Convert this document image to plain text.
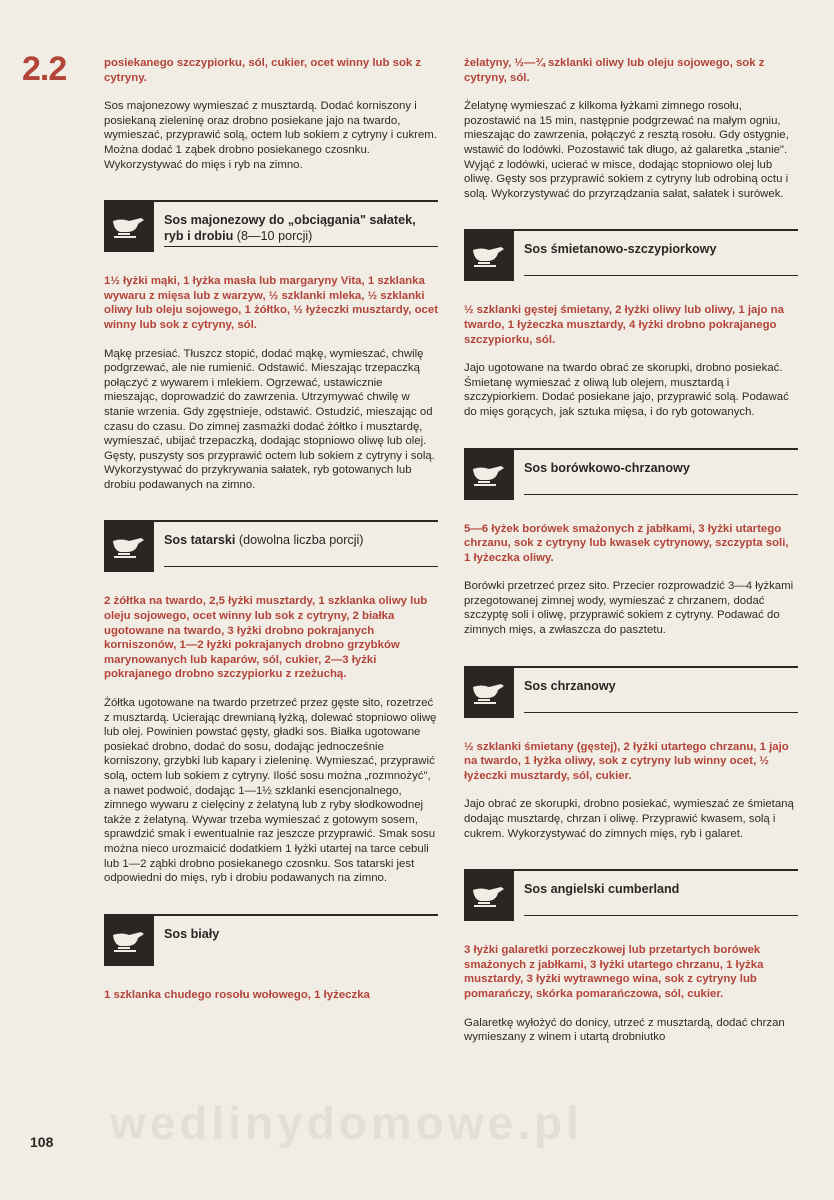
2.2
108 wedlinydomowe.pl

posiekanego szczypiorku, sól, cukier, ocet winny lub sok z cytryny.

Sos majonezowy wymieszać z musztardą. Dodać korniszony i posiekaną zieleninę oraz drobno posiekane jajo na twardo, wymieszać, przyprawić solą, octem lub sokiem z cytryny i cukrem. Można dodać 1 ząbek drobno posiekanego czosnku. Wykorzystywać do mięs i ryb na zimno.

Sos majonezowy do „obciągania" sałatek, ryb i drobiu (8—10 porcji)

1½ łyżki mąki, 1 łyżka masła lub margaryny Vita, 1 szklanka wywaru z mięsa lub z warzyw, ½ szklanki mleka, ½ szklanki oliwy lub oleju sojowego, 1 żółtko, ½ łyżeczki musztardy, ocet winny lub sok z cytryny, sól.

Mąkę przesiać. Tłuszcz stopić, dodać mąkę, wymieszać, chwilę podgrzewać, ale nie rumienić. Odstawić. Mieszając trzepaczką połączyć z wywarem i mlekiem. Ogrzewać, ustawicznie mieszając, doprowadzić do zawrzenia. Utrzymywać chwilę w stanie wrzenia. Gdy zgęstnieje, odstawić. Ostudzić, mieszając od czasu do czasu. Do zimnej zasmażki dodać żółtko i musztardę, wymieszać, ubijać trzepaczką, dodając stopniowo oliwę lub olej. Gęsty, puszysty sos przyprawić octem lub sokiem z cytryny i solą. Wykorzystywać do przykrywania sałatek, ryb gotowanych lub drobiu podawanych na zimno.

Sos tatarski (dowolna liczba porcji)

2 żółtka na twardo, 2,5 łyżki musztardy, 1 szklanka oliwy lub oleju sojowego, ocet winny lub sok z cytryny, 2 białka ugotowane na twardo, 3 łyżki drobno pokrajanych korniszonów, 1—2 łyżki pokrajanych drobno grzybków marynowanych lub kaparów, sól, cukier, 2—3 łyżki pokrajanego drobno szczypiorku z rzeżuchą.

Żółtka ugotowane na twardo przetrzeć przez gęste sito, rozetrzeć z musztardą. Ucierając drewnianą łyżką, dolewać stopniowo oliwę lub olej. Powinien powstać gęsty, gładki sos. Białka ugotowane posiekać drobno, dodać do sosu, dodając jednocześnie korniszony, grzybki lub kapary i zieleninę. Wymieszać, przyprawić solą, octem lub sokiem z cytryny. Ilość sosu można „rozmnożyć", a nawet podwoić, dodając 1—1½ szklanki esencjonalnego, zimnego wywaru z cielęciny z żelatyną lub z ryby słodkowodnej także z żelatyną. Wywar trzeba wymieszać z gotowym sosem, sprawdzić smak i ewentualnie raz jeszcze przyprawić. Smak sosu można nieco urozmaicić dodatkiem 1 łyżki utartej na tarce cebuli lub 1—2 ząbki drobno posiekanego czosnku. Sos tatarski jest odpowiedni do mięs, ryb i drobiu podawanych na zimno.

Sos biały

1 szklanka chudego rosołu wołowego, 1 łyżeczka

żelatyny, ½—¾ szklanki oliwy lub oleju sojowego, sok z cytryny, sól.

Żelatynę wymieszać z kilkoma łyżkami zimnego rosołu, pozostawić na 15 min, następnie podgrzewać na małym ogniu, mieszając do zawrzenia, połączyć z resztą rosołu. Gdy ostygnie, wstawić do lodówki. Pozostawić tak długo, aż galaretka „stanie". Wyjąć z lodówki, ucierać w misce, dodając stopniowo olej lub oliwę. Gęsty sos przyprawić sokiem z cytryny lub odrobiną octu i solą. Wykorzystywać do przyrządzania sałat, sałatek i surówek.

Sos śmietanowo-szczypiorkowy

½ szklanki gęstej śmietany, 2 łyżki oliwy lub oliwy, 1 jajo na twardo, 1 łyżeczka musztardy, 4 łyżki drobno pokrajanego szczypiorku, sól.

Jajo ugotowane na twardo obrać ze skorupki, drobno posiekać. Śmietanę wymieszać z oliwą lub olejem, musztardą i szczypiorkiem. Dodać posiekane jajo, przyprawić solą. Podawać do mięs gorących, jak sztuka mięsa, i do ryb gotowanych.

Sos borówkowo-chrzanowy

5—6 łyżek borówek smażonych z jabłkami, 3 łyżki utartego chrzanu, sok z cytryny lub kwasek cytrynowy, szczypta soli, 1 łyżeczka oliwy.

Borówki przetrzeć przez sito. Przecier rozprowadzić 3—4 łyżkami przegotowanej zimnej wody, wymieszać z chrzanem, dodać szczyptę soli i oliwę, przyprawić sokiem z cytryny. Podawać do zimnych mięs, a zwłaszcza do pasztetu.

Sos chrzanowy

½ szklanki śmietany (gęstej), 2 łyżki utartego chrzanu, 1 jajo na twardo, 1 łyżka oliwy, sok z cytryny lub winny ocet, ½ łyżeczki musztardy, sól, cukier.

Jajo obrać ze skorupki, drobno posiekać, wymieszać ze śmietaną dodając musztardę, chrzan i oliwę. Przyprawić kwasem, solą i cukrem. Wykorzystywać do zimnych mięs, ryb i galaret.

Sos angielski cumberland

3 łyżki galaretki porzeczkowej lub przetartych borówek smażonych z jabłkami, 3 łyżki utartego chrzanu, 1 łyżka musztardy, 3 łyżki wytrawnego wina, sok z cytryny lub pomarańczy, skórka pomarańczowa, sól, cukier.

Galaretkę wyłożyć do donicy, utrzeć z musztardą, dodać chrzan wymieszany z winem i utartą drobniutko
